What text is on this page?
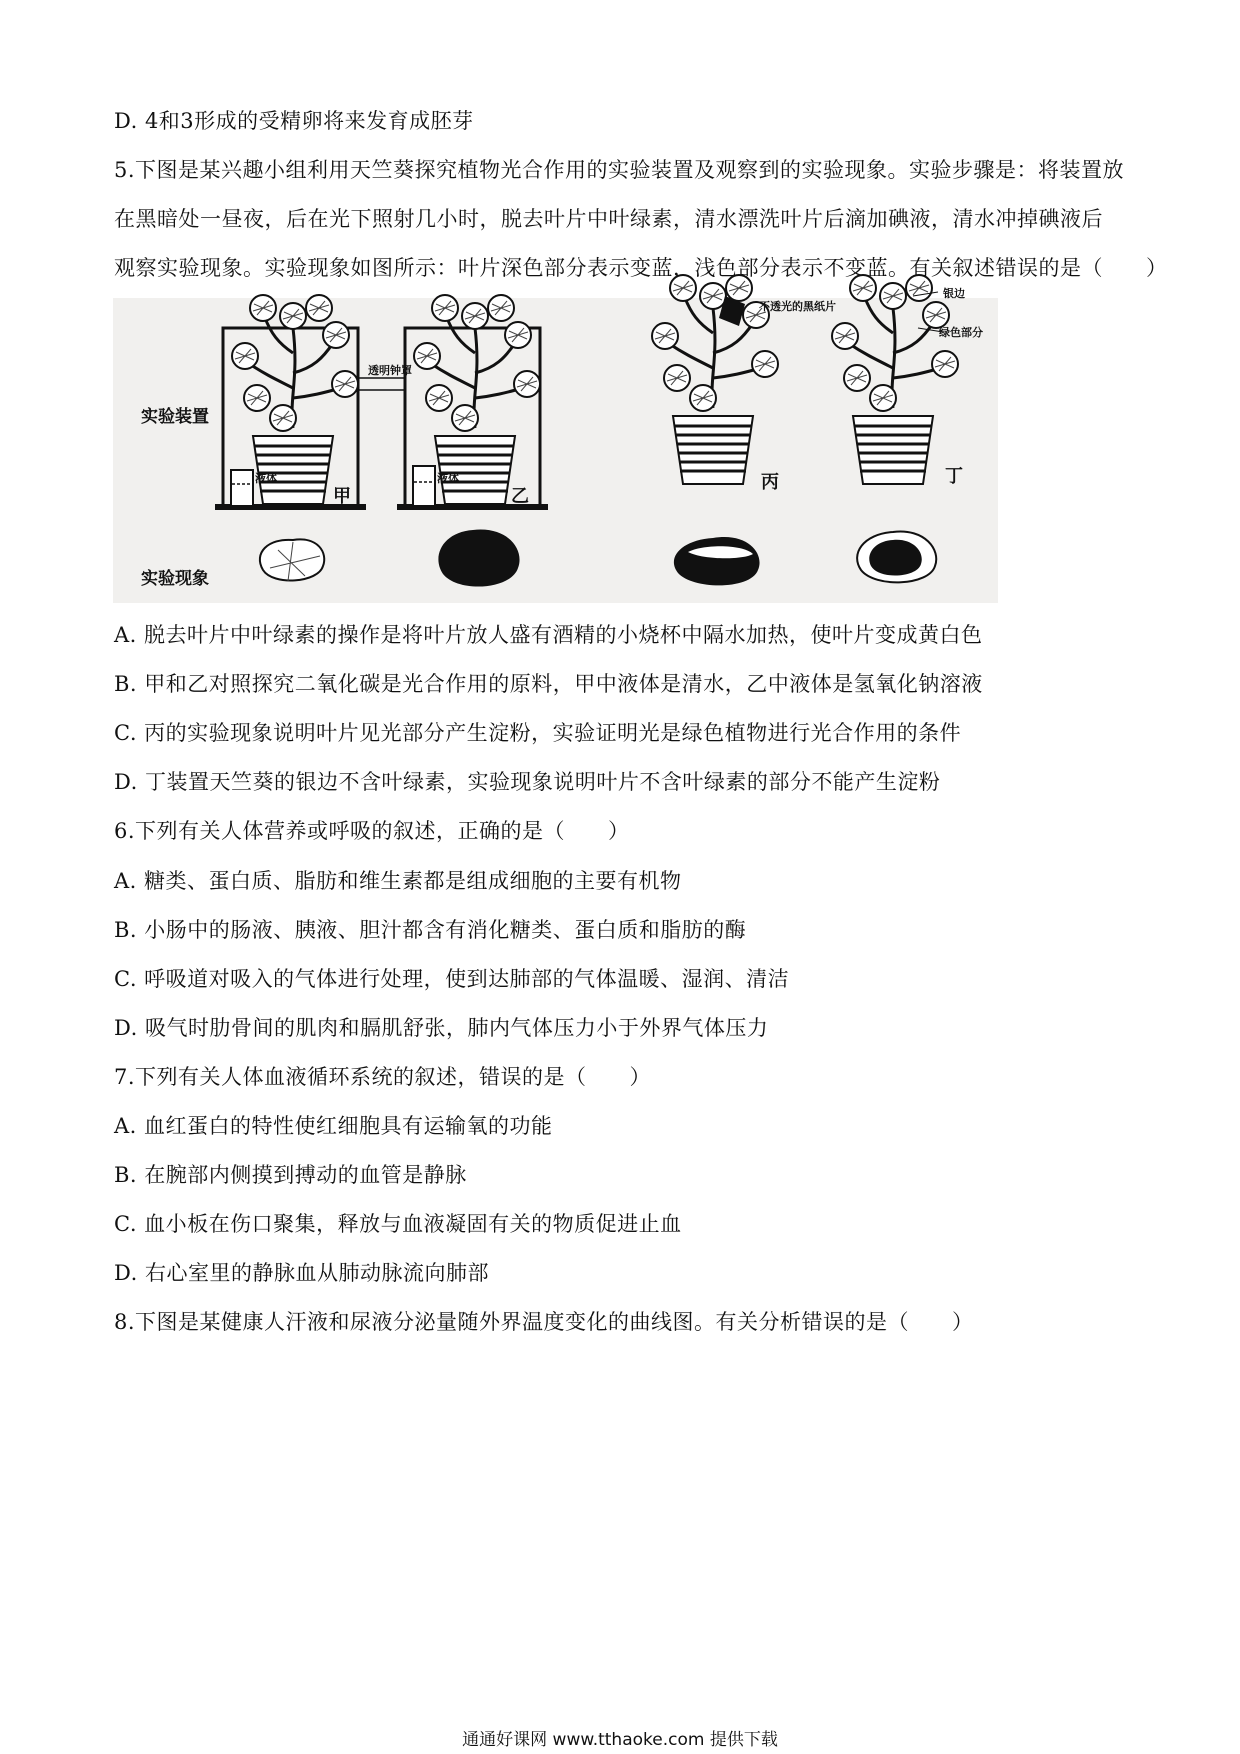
D. 4和3形成的受精卵将来发育成胚芽
5.下图是某兴趣小组利用天竺葵探究植物光合作用的实验装置及观察到的实验现象。实验步骤是：将装置放
在黑暗处一昼夜，后在光下照射几小时，脱去叶片中叶绿素，清水漂洗叶片后滴加碘液，清水冲掉碘液后
观察实验现象。实验现象如图所示：叶片深色部分表示变蓝，浅色部分表示不变蓝。有关叙述错误的是（　　）
实验装置
实验现象
液体
甲
透明钟罩
液体
乙
不透光的黑纸片
丙
银边
绿色部分
丁
A. 脱去叶片中叶绿素的操作是将叶片放人盛有酒精的小烧杯中隔水加热，使叶片变成黄白色
B. 甲和乙对照探究二氧化碳是光合作用的原料，甲中液体是清水，乙中液体是氢氧化钠溶液
C. 丙的实验现象说明叶片见光部分产生淀粉，实验证明光是绿色植物进行光合作用的条件
D. 丁装置天竺葵的银边不含叶绿素，实验现象说明叶片不含叶绿素的部分不能产生淀粉
6.下列有关人体营养或呼吸的叙述，正确的是（　　）
A. 糖类、蛋白质、脂肪和维生素都是组成细胞的主要有机物
B. 小肠中的肠液、胰液、胆汁都含有消化糖类、蛋白质和脂肪的酶
C. 呼吸道对吸入的气体进行处理，使到达肺部的气体温暖、湿润、清洁
D. 吸气时肋骨间的肌肉和膈肌舒张，肺内气体压力小于外界气体压力
7.下列有关人体血液循环系统的叙述，错误的是（　　）
A. 血红蛋白的特性使红细胞具有运输氧的功能
B. 在腕部内侧摸到搏动的血管是静脉
C. 血小板在伤口聚集，释放与血液凝固有关的物质促进止血
D. 右心室里的静脉血从肺动脉流向肺部
8.下图是某健康人汗液和尿液分泌量随外界温度变化的曲线图。有关分析错误的是（　　）
通通好课网 www.tthaoke.com 提供下载
